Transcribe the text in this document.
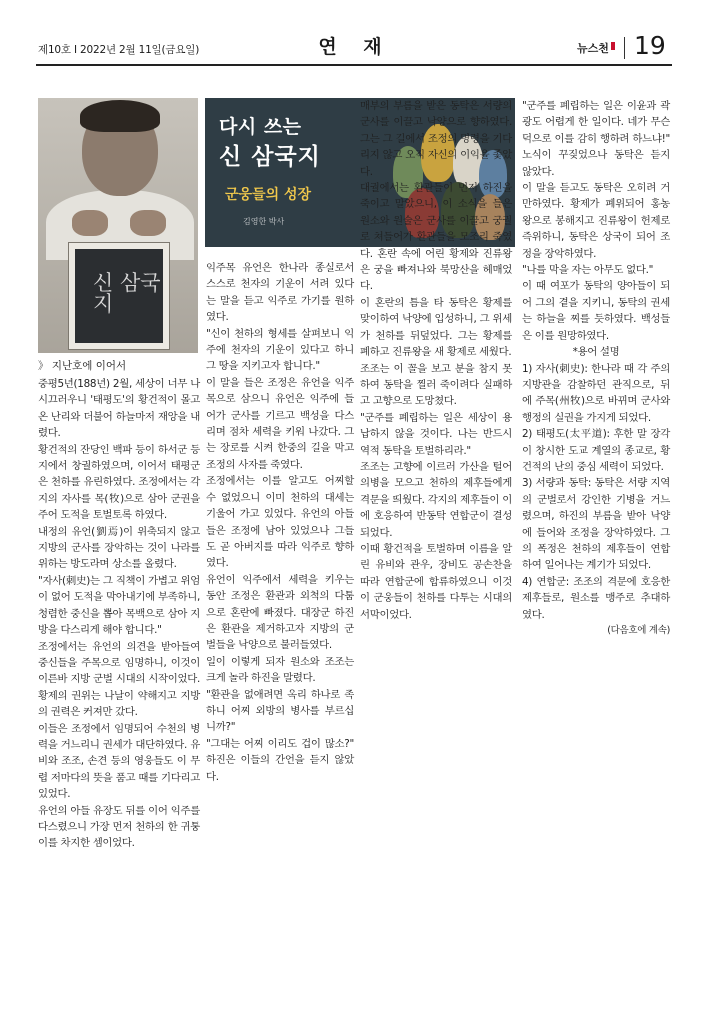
제10호 I 2022년 2월 11일(금요일)	연 재	뉴스천 19
신 삼국지
》 지난호에 이어서
다시 쓰는
신 삼국지
군웅들의 성장
김영한 박사

중평5년(188년) 2월, 세상이 너무 나 시끄러우니 '태평도'의 황건적이 몰고 온 난리와 더불어 하늘마저 재앙을 내렸다.

황건적의 잔당인 백파 등이 하서군 등지에서 창궐하였으며, 이어서 태평군은 천하를 유린하였다. 조정에서는 각지의 자사를 목(牧)으로 삼아 군권을 주어 도적을 토벌토록 하였다.

내정의 유언(劉焉)이 위축되지 않고 지방의 군사를 장악하는 것이 나라를 위하는 방도라며 상소를 올렸다.

"자사(刺史)는 그 직책이 가볍고 위엄이 없어 도적을 막아내기에 부족하니, 청렴한 중신을 뽑아 목백으로 삼아 지방을 다스리게 해야 합니다."

조정에서는 유언의 의견을 받아들여 중신들을 주목으로 임명하니, 이것이 이른바 지방 군벌 시대의 시작이었다. 황제의 권위는 나날이 약해지고 지방의 권력은 커져만 갔다.

이들은 조정에서 임명되어 수천의 병력을 거느리니 권세가 대단하였다. 유비와 조조, 손견 등의 영웅들도 이 무렵 저마다의 뜻을 품고 때를 기다리고 있었다.

유언의 아들 유장도 뒤를 이어 익주를 다스렸으니 가장 먼저 천하의 한 귀퉁이를 차지한 셈이었다.

익주목 유언은 한나라 종실로서 스스로 천자의 기운이 서려 있다는 말을 듣고 익주로 가기를 원하였다.

"신이 천하의 형세를 살펴보니 익주에 천자의 기운이 있다고 하니 그 땅을 지키고자 합니다."

이 말을 들은 조정은 유언을 익주목으로 삼으니 유언은 익주에 들어가 군사를 기르고 백성을 다스리며 점차 세력을 키워 나갔다. 그는 장로를 시켜 한중의 길을 막고 조정의 사자를 죽였다.

조정에서는 이를 알고도 어찌할 수 없었으니 이미 천하의 대세는 기울어 가고 있었다. 유언의 아들들은 조정에 남아 있었으나 그들도 곧 아버지를 따라 익주로 향하였다.

유언이 익주에서 세력을 키우는 동안 조정은 환관과 외척의 다툼으로 혼란에 빠졌다. 대장군 하진은 환관을 제거하고자 지방의 군벌들을 낙양으로 불러들였다.

일이 이렇게 되자 원소와 조조는 크게 놀라 하진을 말렸다.

"환관을 없애려면 옥리 하나로 족하니 어찌 외방의 병사를 부르십니까?"

"그대는 어찌 이리도 겁이 많소?" 하진은 이들의 간언을 듣지 않았다.

매부의 부름을 받은 동탁은 서량의 군사를 이끌고 낙양으로 향하였다. 그는 그 길에서 조정의 명령을 기다리지 않고 오직 자신의 이익을 좇았다.

대궐에서는 환관들이 먼저 하진을 죽이고 말았으니, 이 소식을 들은 원소와 원술은 군사를 이끌고 궁궐로 쳐들어가 환관들을 모조리 죽였다. 혼란 속에 어린 황제와 진류왕은 궁을 빠져나와 북망산을 헤매었다.

이 혼란의 틈을 타 동탁은 황제를 맞이하여 낙양에 입성하니, 그 위세가 천하를 뒤덮었다. 그는 황제를 폐하고 진류왕을 새 황제로 세웠다.

조조는 이 꼴을 보고 분을 참지 못하여 동탁을 찔러 죽이려다 실패하고 고향으로 도망쳤다.

"군주를 폐립하는 일은 세상이 용납하지 않을 것이다. 나는 반드시 역적 동탁을 토벌하리라."

조조는 고향에 이르러 가산을 털어 의병을 모으고 천하의 제후들에게 격문을 띄웠다. 각지의 제후들이 이에 호응하여 반동탁 연합군이 결성되었다.

이때 황건적을 토벌하며 이름을 알린 유비와 관우, 장비도 공손찬을 따라 연합군에 합류하였으니 이것이 군웅들이 천하를 다투는 시대의 서막이었다.

"군주를 폐립하는 일은 이윤과 곽광도 어렵게 한 일이다. 네가 무슨 덕으로 이를 감히 행하려 하느냐!" 노식이 꾸짖었으나 동탁은 듣지 않았다.

이 말을 듣고도 동탁은 오히려 거만하였다. 황제가 폐위되어 홍농왕으로 봉해지고 진류왕이 헌제로 즉위하니, 동탁은 상국이 되어 조정을 장악하였다.

"나를 막을 자는 아무도 없다."

이 때 여포가 동탁의 양아들이 되어 그의 곁을 지키니, 동탁의 권세는 하늘을 찌를 듯하였다. 백성들은 이를 원망하였다.

*용어 설명

1) 자사(刺史): 한나라 때 각 주의 지방관을 감찰하던 관직으로, 뒤에 주목(州牧)으로 바뀌며 군사와 행정의 실권을 가지게 되었다.

2) 태평도(太平道): 후한 말 장각이 창시한 도교 계열의 종교로, 황건적의 난의 중심 세력이 되었다.

3) 서량과 동탁: 동탁은 서량 지역의 군벌로서 강인한 기병을 거느렸으며, 하진의 부름을 받아 낙양에 들어와 조정을 장악하였다. 그의 폭정은 천하의 제후들이 연합하여 일어나는 계기가 되었다.

4) 연합군: 조조의 격문에 호응한 제후들로, 원소를 맹주로 추대하였다.

(다음호에 계속)
